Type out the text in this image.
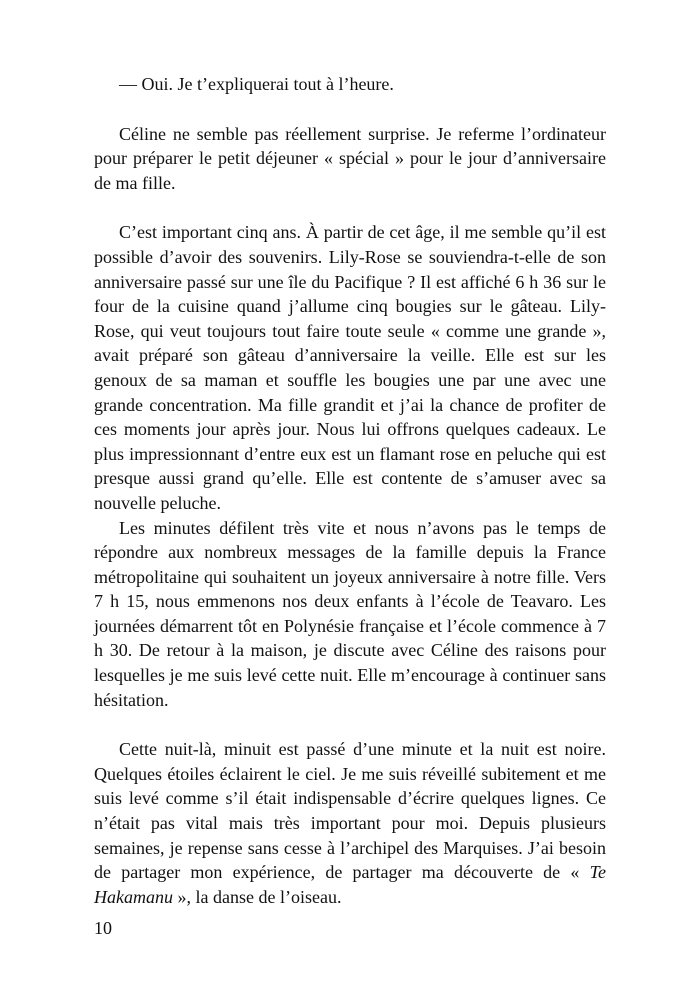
— Oui. Je t’expliquerai tout à l’heure.

Céline ne semble pas réellement surprise. Je referme l’ordinateur pour préparer le petit déjeuner « spécial » pour le jour d’anniversaire de ma fille.

C’est important cinq ans. À partir de cet âge, il me semble qu’il est possible d’avoir des souvenirs. Lily-Rose se souviendra-t-elle de son anniversaire passé sur une île du Pacifique ? Il est affiché 6 h 36 sur le four de la cuisine quand j’allume cinq bougies sur le gâteau. Lily-Rose, qui veut toujours tout faire toute seule « comme une grande », avait préparé son gâteau d’anniversaire la veille. Elle est sur les genoux de sa maman et souffle les bougies une par une avec une grande concentration. Ma fille grandit et j’ai la chance de profiter de ces moments jour après jour. Nous lui offrons quelques cadeaux. Le plus impressionnant d’entre eux est un flamant rose en peluche qui est presque aussi grand qu’elle. Elle est contente de s’amuser avec sa nouvelle peluche.

Les minutes défilent très vite et nous n’avons pas le temps de répondre aux nombreux messages de la famille depuis la France métropolitaine qui souhaitent un joyeux anniversaire à notre fille. Vers 7 h 15, nous emmenons nos deux enfants à l’école de Teavaro. Les journées démarrent tôt en Polynésie française et l’école commence à 7 h 30. De retour à la maison, je discute avec Céline des raisons pour lesquelles je me suis levé cette nuit. Elle m’encourage à continuer sans hésitation.

Cette nuit-là, minuit est passé d’une minute et la nuit est noire. Quelques étoiles éclairent le ciel. Je me suis réveillé subitement et me suis levé comme s’il était indispensable d’écrire quelques lignes. Ce n’était pas vital mais très important pour moi. Depuis plusieurs semaines, je repense sans cesse à l’archipel des Marquises. J’ai besoin de partager mon expérience, de partager ma découverte de « Te Hakamanu », la danse de l’oiseau.

10
